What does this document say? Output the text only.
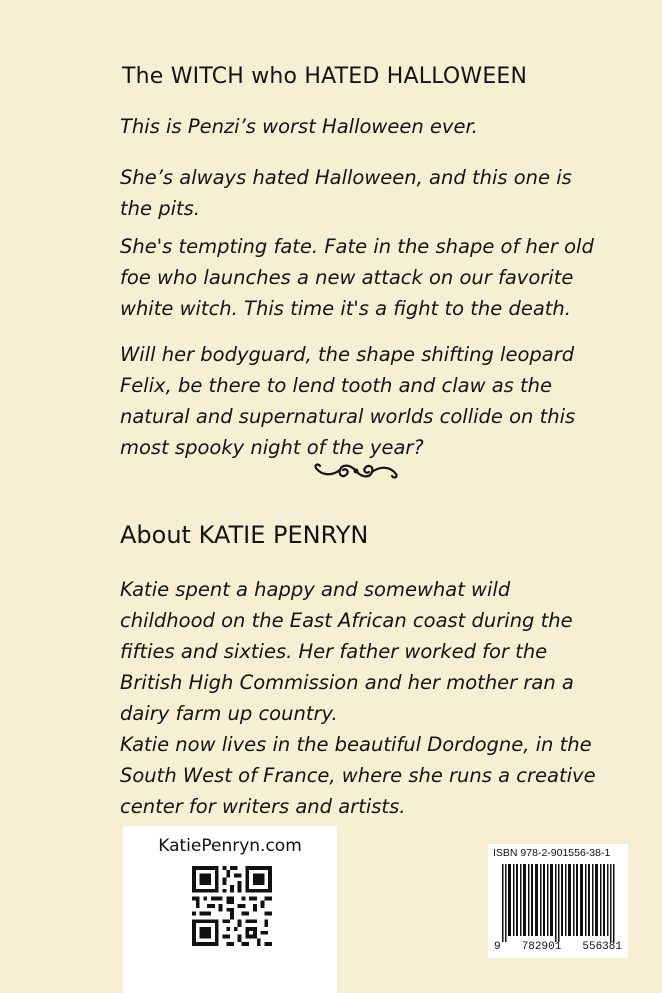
The WITCH who HATED HALLOWEEN
This is Penzi’s worst Halloween ever.
She’s always hated Halloween, and this one is
the pits.
She's tempting fate. Fate in the shape of her old
foe who launches a new attack on our favorite
white witch. This time it's a fight to the death.
Will her bodyguard, the shape shifting leopard
Felix, be there to lend tooth and claw as the
natural and supernatural worlds collide on this
most spooky night of the year?
About KATIE PENRYN
Katie spent a happy and somewhat wild
childhood on the East African coast during the
fifties and sixties. Her father worked for the
British High Commission and her mother ran a
dairy farm up country.
Katie now lives in the beautiful Dordogne, in the
South West of France, where she runs a creative
center for writers and artists.
KatiePenryn.com	ISBN 978-2-901556-38-1
9 782901 556381
